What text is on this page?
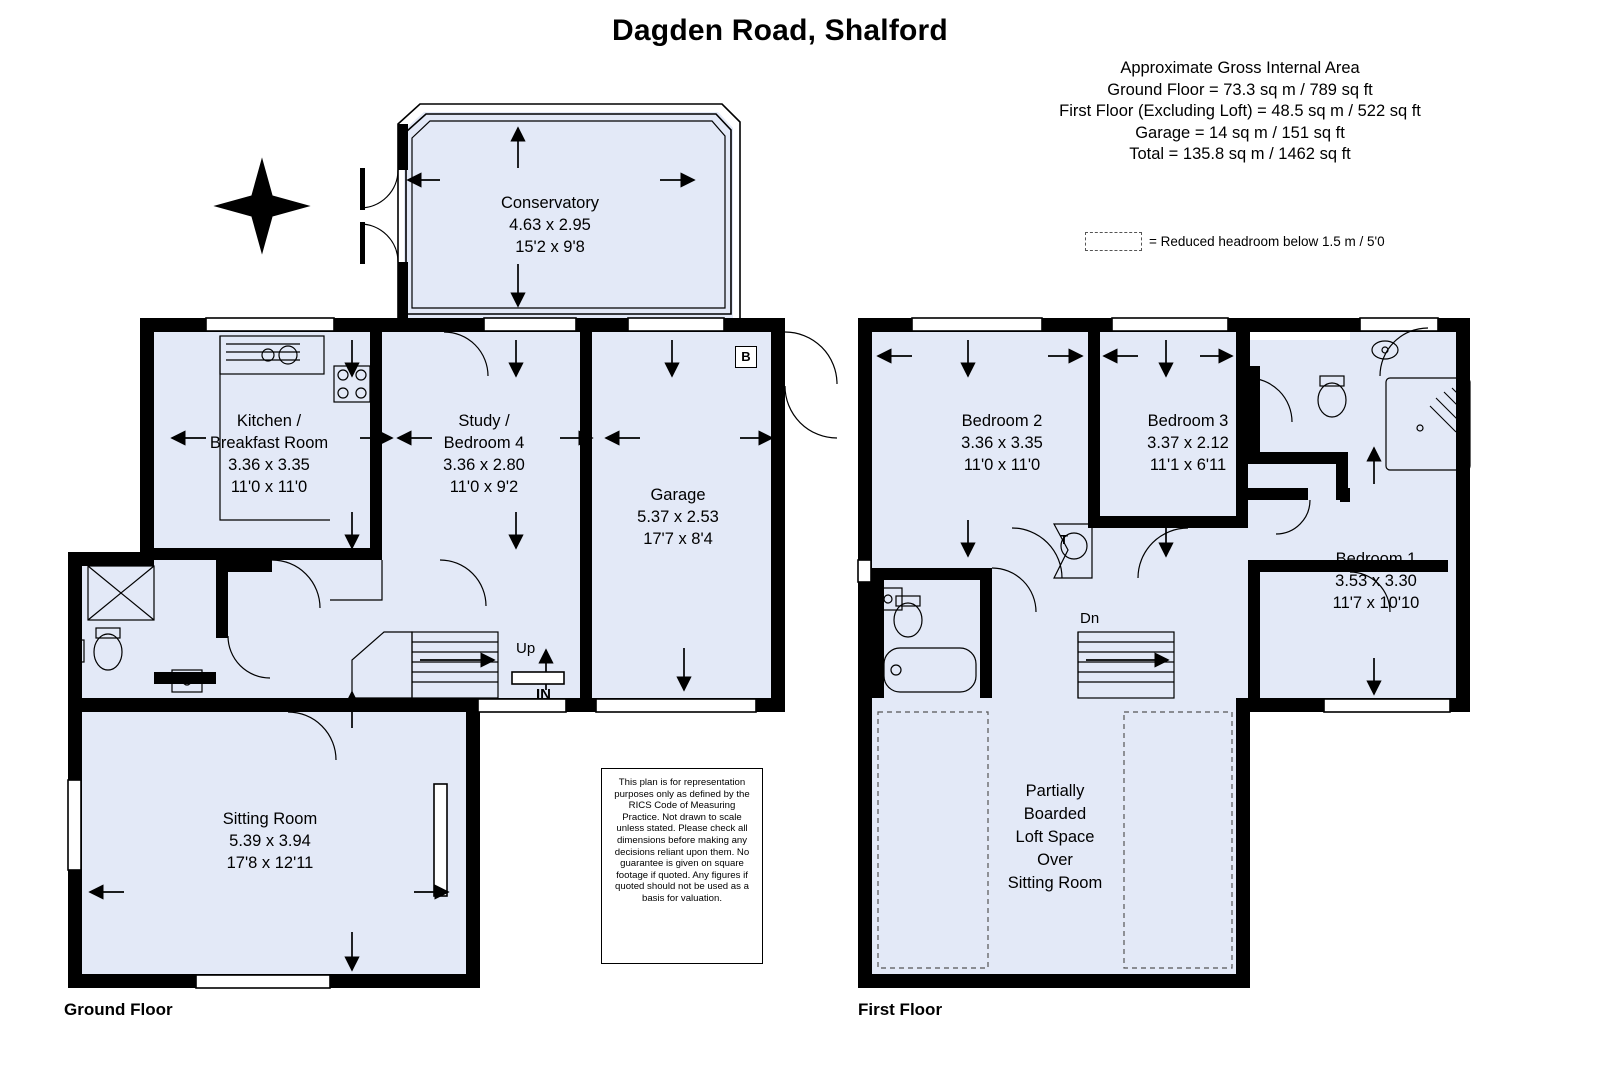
N
Dagden Road, Shalford
Approximate Gross Internal Area
Ground Floor = 73.3 sq m / 789 sq ft
First Floor (Excluding Loft) = 48.5 sq m / 522 sq ft
Garage = 14 sq m / 151 sq ft
Total = 135.8 sq m / 1462 sq ft
= Reduced headroom below 1.5 m / 5'0
Conservatory
4.63 x 2.95
15'2 x 9'8
Kitchen /
Breakfast Room
3.36 x 3.35
11'0 x 11'0
Study /
Bedroom 4
3.36 x 2.80
11'0 x 9'2	Garage
5.37 x 2.53
17'7 x 8'4
Sitting Room
5.39 x 3.94
17'8 x 12'11
Bedroom 2
3.36 x 3.35
11'0 x 11'0
Bedroom 3
3.37 x 2.12
11'1 x 6'11
Bedroom 1
3.53 x 3.30
11'7 x 10'10
Partially
Boarded
Loft Space
Over
Sitting Room
This plan is for representation purposes only as defined by the RICS Code of Measuring Practice. Not drawn to scale unless stated. Please check all dimensions before making any decisions reliant upon them. No guarantee is given on square footage if quoted. Any figures if quoted should not be used as a basis for valuation.
IN
Up
Dn
B
T
Ground Floor	First Floor
